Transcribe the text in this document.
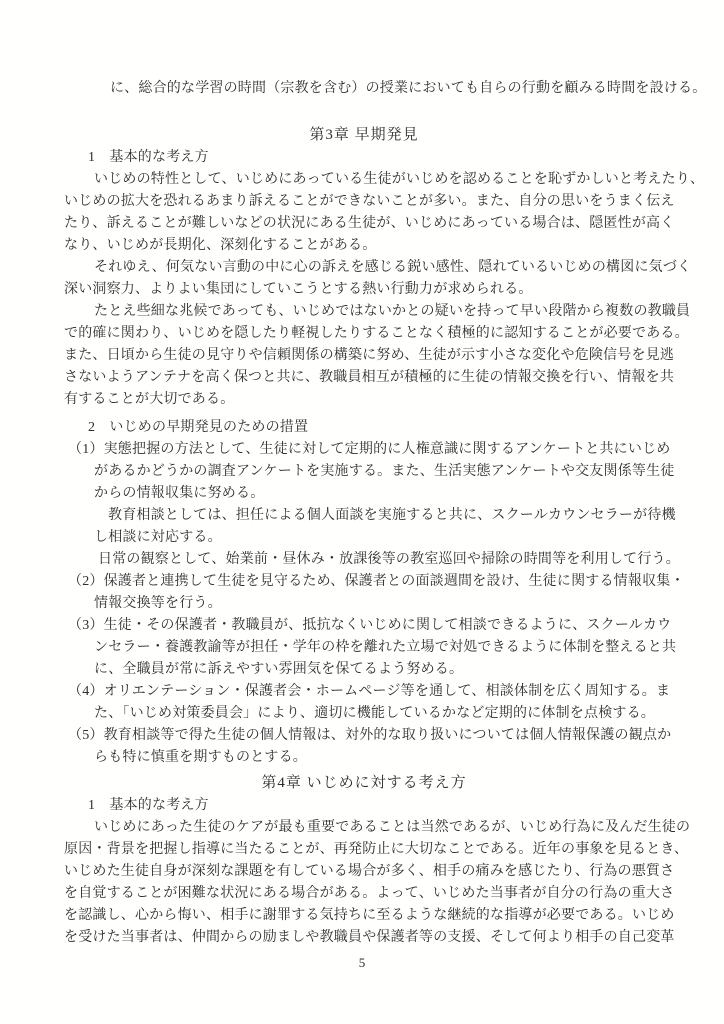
に、総合的な学習の時間（宗教を含む）の授業においても自らの行動を顧みる時間を設ける。
第3章 早期発見
1　基本的な考え方
いじめの特性として、いじめにあっている生徒がいじめを認めることを恥ずかしいと考えたり、
いじめの拡大を恐れるあまり訴えることができないことが多い。また、自分の思いをうまく伝え
たり、訴えることが難しいなどの状況にある生徒が、いじめにあっている場合は、隠匿性が高く
なり、いじめが長期化、深刻化することがある。
それゆえ、何気ない言動の中に心の訴えを感じる鋭い感性、隠れているいじめの構図に気づく
深い洞察力、よりよい集団にしていこうとする熱い行動力が求められる。
たとえ些細な兆候であっても、いじめではないかとの疑いを持って早い段階から複数の教職員
で的確に関わり、いじめを隠したり軽視したりすることなく積極的に認知することが必要である。
また、日頃から生徒の見守りや信頼関係の構築に努め、生徒が示す小さな変化や危険信号を見逃
さないようアンテナを高く保つと共に、教職員相互が積極的に生徒の情報交換を行い、情報を共
有することが大切である。
2　いじめの早期発見のための措置
（1）実態把握の方法として、生徒に対して定期的に人権意識に関するアンケートと共にいじめ
があるかどうかの調査アンケートを実施する。また、生活実態アンケートや交友関係等生徒
からの情報収集に努める。
教育相談としては、担任による個人面談を実施すると共に、スクールカウンセラーが待機
し相談に対応する。
日常の観察として、始業前・昼休み・放課後等の教室巡回や掃除の時間等を利用して行う。
（2）保護者と連携して生徒を見守るため、保護者との面談週間を設け、生徒に関する情報収集・
情報交換等を行う。
（3）生徒・その保護者・教職員が、抵抗なくいじめに関して相談できるように、スクールカウ
ンセラー・養護教諭等が担任・学年の枠を離れた立場で対処できるように体制を整えると共
に、全職員が常に訴えやすい雰囲気を保てるよう努める。
（4）オリエンテーション・保護者会・ホームページ等を通して、相談体制を広く周知する。ま
た、「いじめ対策委員会」により、適切に機能しているかなど定期的に体制を点検する。
（5）教育相談等で得た生徒の個人情報は、対外的な取り扱いについては個人情報保護の観点か
らも特に慎重を期すものとする。
第4章 いじめに対する考え方
1　基本的な考え方
いじめにあった生徒のケアが最も重要であることは当然であるが、いじめ行為に及んだ生徒の
原因・背景を把握し指導に当たることが、再発防止に大切なことである。近年の事象を見るとき、
いじめた生徒自身が深刻な課題を有している場合が多く、相手の痛みを感じたり、行為の悪質さ
を自覚することが困難な状況にある場合がある。よって、いじめた当事者が自分の行為の重大さ
を認識し、心から悔い、相手に謝罪する気持ちに至るような継続的な指導が必要である。いじめ
を受けた当事者は、仲間からの励ましや教職員や保護者等の支援、そして何より相手の自己変革
5
